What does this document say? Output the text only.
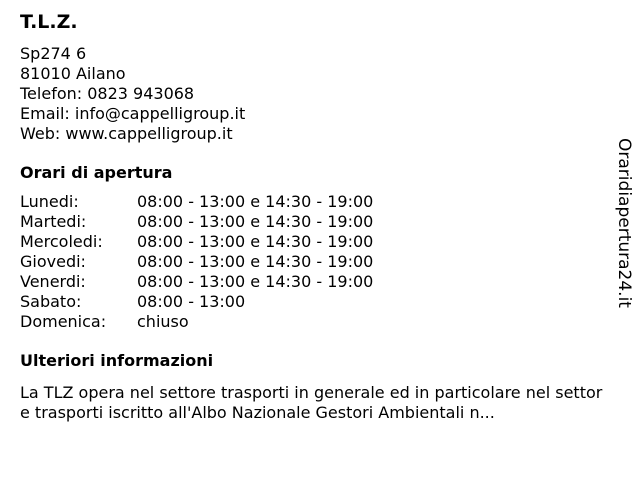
T.L.Z.
Sp274 6
81010 Ailano
Telefon: 0823 943068
Email: info@cappelligroup.it
Web: www.cappelligroup.it
Orari di apertura
Lunedi:	08:00 - 13:00 e 14:30 - 19:00
Martedi:	08:00 - 13:00 e 14:30 - 19:00
Mercoledi:	08:00 - 13:00 e 14:30 - 19:00
Giovedi:	08:00 - 13:00 e 14:30 - 19:00
Venerdi:	08:00 - 13:00 e 14:30 - 19:00
Sabato:	08:00 - 13:00
Domenica:	chiuso
Ulteriori informazioni
La TLZ opera nel settore trasporti in generale ed in particolare nel settore trasporti iscritto all'Albo Nazionale Gestori Ambientali n...
Oraridiapertura24.it
